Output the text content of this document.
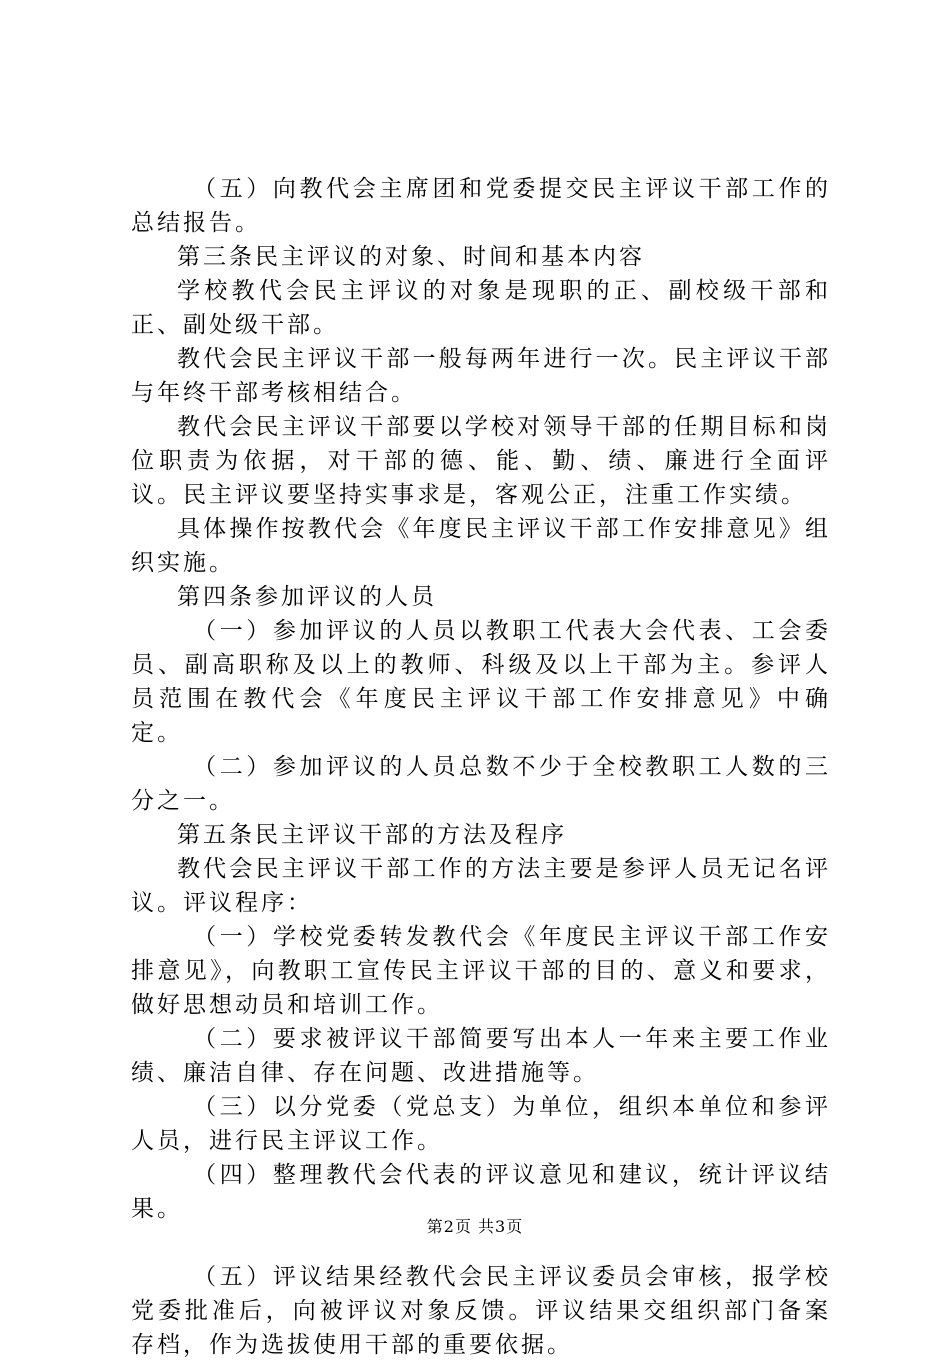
（五）向教代会主席团和党委提交民主评议干部工作的总结报告。

第三条民主评议的对象、时间和基本内容

学校教代会民主评议的对象是现职的正、副校级干部和正、副处级干部。

教代会民主评议干部一般每两年进行一次。民主评议干部与年终干部考核相结合。

教代会民主评议干部要以学校对领导干部的任期目标和岗位职责为依据，对干部的德、能、勤、绩、廉进行全面评议。民主评议要坚持实事求是，客观公正，注重工作实绩。

具体操作按教代会《年度民主评议干部工作安排意见》组织实施。

第四条参加评议的人员

（一）参加评议的人员以教职工代表大会代表、工会委员、副高职称及以上的教师、科级及以上干部为主。参评人员范围在教代会《年度民主评议干部工作安排意见》中确定。

（二）参加评议的人员总数不少于全校教职工人数的三分之一。

第五条民主评议干部的方法及程序

教代会民主评议干部工作的方法主要是参评人员无记名评议。评议程序：

（一）学校党委转发教代会《年度民主评议干部工作安排意见》，向教职工宣传民主评议干部的目的、意义和要求，做好思想动员和培训工作。

（二）要求被评议干部简要写出本人一年来主要工作业绩、廉洁自律、存在问题、改进措施等。

（三）以分党委（党总支）为单位，组织本单位和参评人员，进行民主评议工作。

（四）整理教代会代表的评议意见和建议，统计评议结果。

（五）评议结果经教代会民主评议委员会审核，报学校党委批准后，向被评议对象反馈。评议结果交组织部门备案存档，作为选拔使用干部的重要依据。

第2页 共3页
